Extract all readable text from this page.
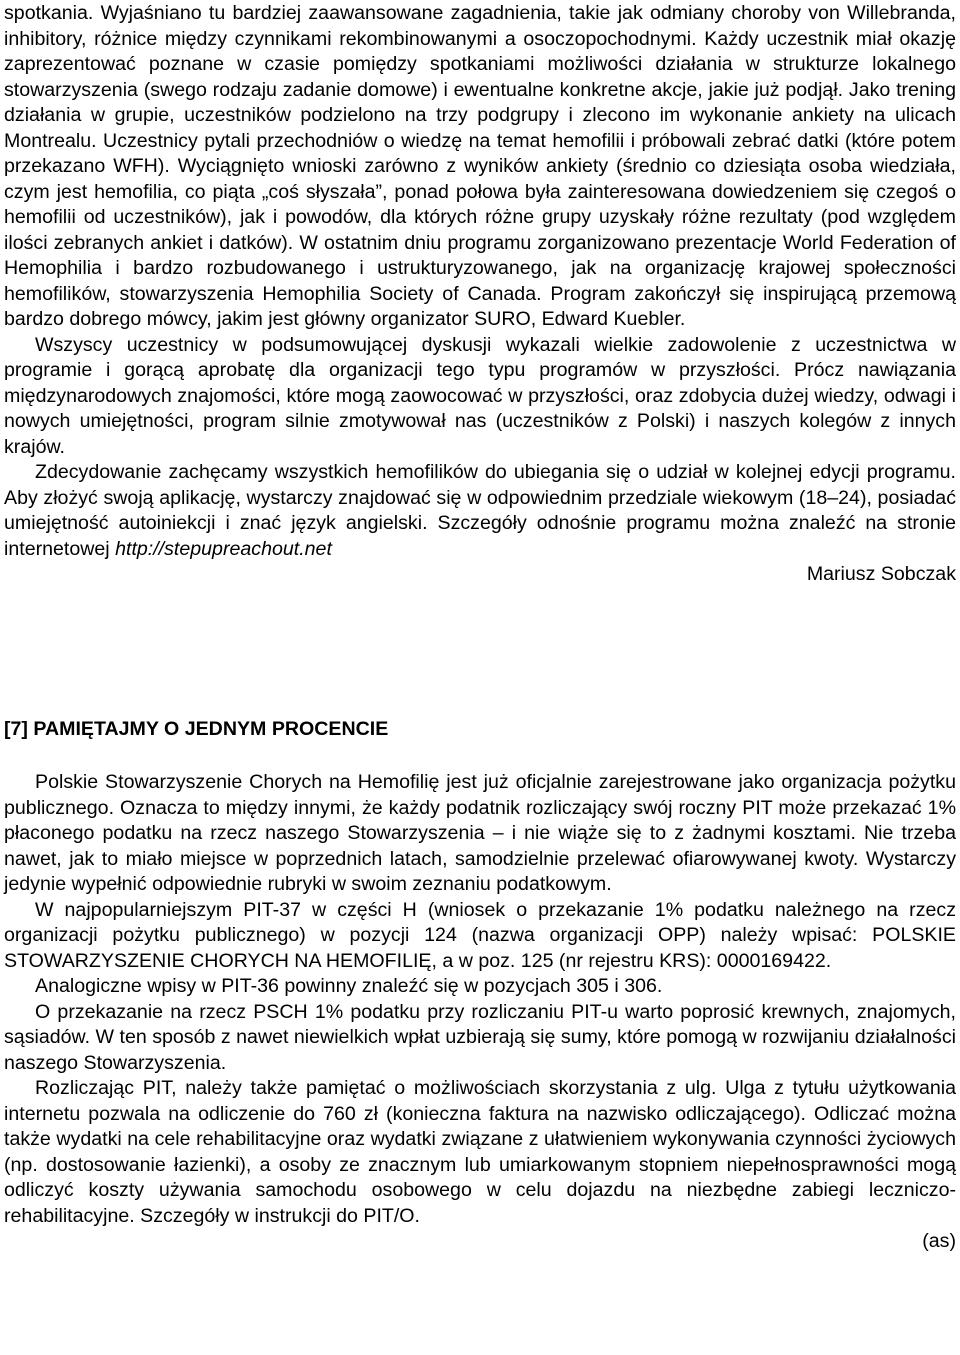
spotkania. Wyjaśniano tu bardziej zaawansowane zagadnienia, takie jak odmiany choroby von Willebranda, inhibitory, różnice między czynnikami rekombinowanymi a osoczopochodnymi. Każdy uczestnik miał okazję zaprezentować poznane w czasie pomiędzy spotkaniami możliwości działania w strukturze lokalnego stowarzyszenia (swego rodzaju zadanie domowe) i ewentualne konkretne akcje, jakie już podjął. Jako trening działania w grupie, uczestników podzielono na trzy podgrupy i zlecono im wykonanie ankiety na ulicach Montrealu. Uczestnicy pytali przechodniów o wiedzę na temat hemofilii i próbowali zebrać datki (które potem przekazano WFH). Wyciągnięto wnioski zarówno z wyników ankiety (średnio co dziesiąta osoba wiedziała, czym jest hemofilia, co piąta „coś słyszała”, ponad połowa była zainteresowana dowiedzeniem się czegoś o hemofilii od uczestników), jak i powodów, dla których różne grupy uzyskały różne rezultaty (pod względem ilości zebranych ankiet i datków). W ostatnim dniu programu zorganizowano prezentacje World Federation of Hemophilia i bardzo rozbudowanego i ustrukturyzowanego, jak na organizację krajowej społeczności hemofilików, stowarzyszenia Hemophilia Society of Canada. Program zakończył się inspirującą przemową bardzo dobrego mówcy, jakim jest główny organizator SURO, Edward Kuebler.

Wszyscy uczestnicy w podsumowującej dyskusji wykazali wielkie zadowolenie z uczestnictwa w programie i gorącą aprobatę dla organizacji tego typu programów w przyszłości. Prócz nawiązania międzynarodowych znajomości, które mogą zaowocować w przyszłości, oraz zdobycia dużej wiedzy, odwagi i nowych umiejętności, program silnie zmotywował nas (uczestników z Polski) i naszych kolegów z innych krajów.

Zdecydowanie zachęcamy wszystkich hemofilików do ubiegania się o udział w kolejnej edycji programu. Aby złożyć swoją aplikację, wystarczy znajdować się w odpowiednim przedziale wiekowym (18–24), posiadać umiejętność autoiniekcji i znać język angielski. Szczegóły odnośnie programu można znaleźć na stronie internetowej http://stepupreachout.net

Mariusz Sobczak

[7] PAMIĘTAJMY O JEDNYM PROCENCIE

Polskie Stowarzyszenie Chorych na Hemofilię jest już oficjalnie zarejestrowane jako organizacja pożytku publicznego. Oznacza to między innymi, że każdy podatnik rozliczający swój roczny PIT może przekazać 1% płaconego podatku na rzecz naszego Stowarzyszenia – i nie wiąże się to z żadnymi kosztami. Nie trzeba nawet, jak to miało miejsce w poprzednich latach, samodzielnie przelewać ofiarowywanej kwoty. Wystarczy jedynie wypełnić odpowiednie rubryki w swoim zeznaniu podatkowym.

W najpopularniejszym PIT-37 w części H (wniosek o przekazanie 1% podatku należnego na rzecz organizacji pożytku publicznego) w pozycji 124 (nazwa organizacji OPP) należy wpisać: POLSKIE STOWARZYSZENIE CHORYCH NA HEMOFILIĘ, a w poz. 125 (nr rejestru KRS): 0000169422.

Analogiczne wpisy w PIT-36 powinny znaleźć się w pozycjach 305 i 306.

O przekazanie na rzecz PSCH 1% podatku przy rozliczaniu PIT-u warto poprosić krewnych, znajomych, sąsiadów. W ten sposób z nawet niewielkich wpłat uzbierają się sumy, które pomogą w rozwijaniu działalności naszego Stowarzyszenia.

Rozliczając PIT, należy także pamiętać o możliwościach skorzystania z ulg. Ulga z tytułu użytkowania internetu pozwala na odliczenie do 760 zł (konieczna faktura na nazwisko odliczającego). Odliczać można także wydatki na cele rehabilitacyjne oraz wydatki związane z ułatwieniem wykonywania czynności życiowych (np. dostosowanie łazienki), a osoby ze znacznym lub umiarkowanym stopniem niepełnosprawności mogą odliczyć koszty używania samochodu osobowego w celu dojazdu na niezbędne zabiegi leczniczo-rehabilitacyjne. Szczegóły w instrukcji do PIT/O.

(as)
